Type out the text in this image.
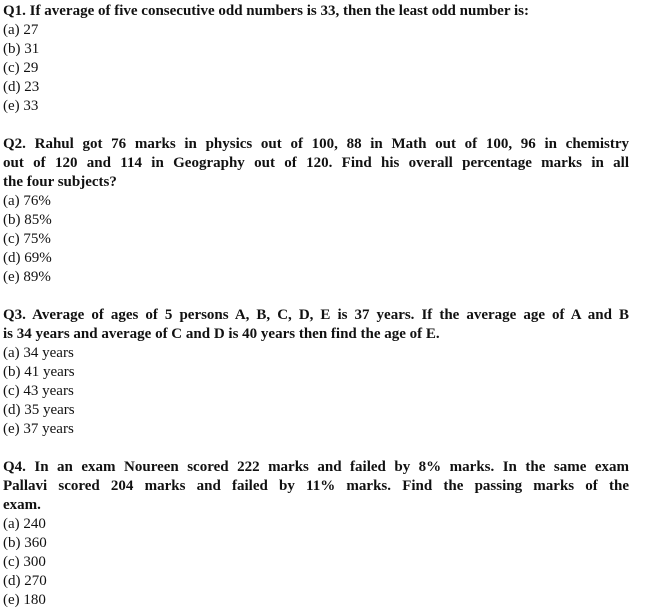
Q1. If average of five consecutive odd numbers is 33, then the least odd number is:
(a) 27
(b) 31
(c) 29
(d) 23
(e) 33
Q2. Rahul got 76 marks in physics out of 100, 88 in Math out of 100, 96 in chemistry
out of 120 and 114 in Geography out of 120. Find his overall percentage marks in all
the four subjects?
(a) 76%
(b) 85%
(c) 75%
(d) 69%
(e) 89%
Q3. Average of ages of 5 persons A, B, C, D, E is 37 years. If the average age of A and B
is 34 years and average of C and D is 40 years then find the age of E.
(a) 34 years
(b) 41 years
(c) 43 years
(d) 35 years
(e) 37 years
Q4. In an exam Noureen scored 222 marks and failed by 8% marks. In the same exam
Pallavi scored 204 marks and failed by 11% marks. Find the passing marks of the
exam.
(a) 240
(b) 360
(c) 300
(d) 270
(e) 180
